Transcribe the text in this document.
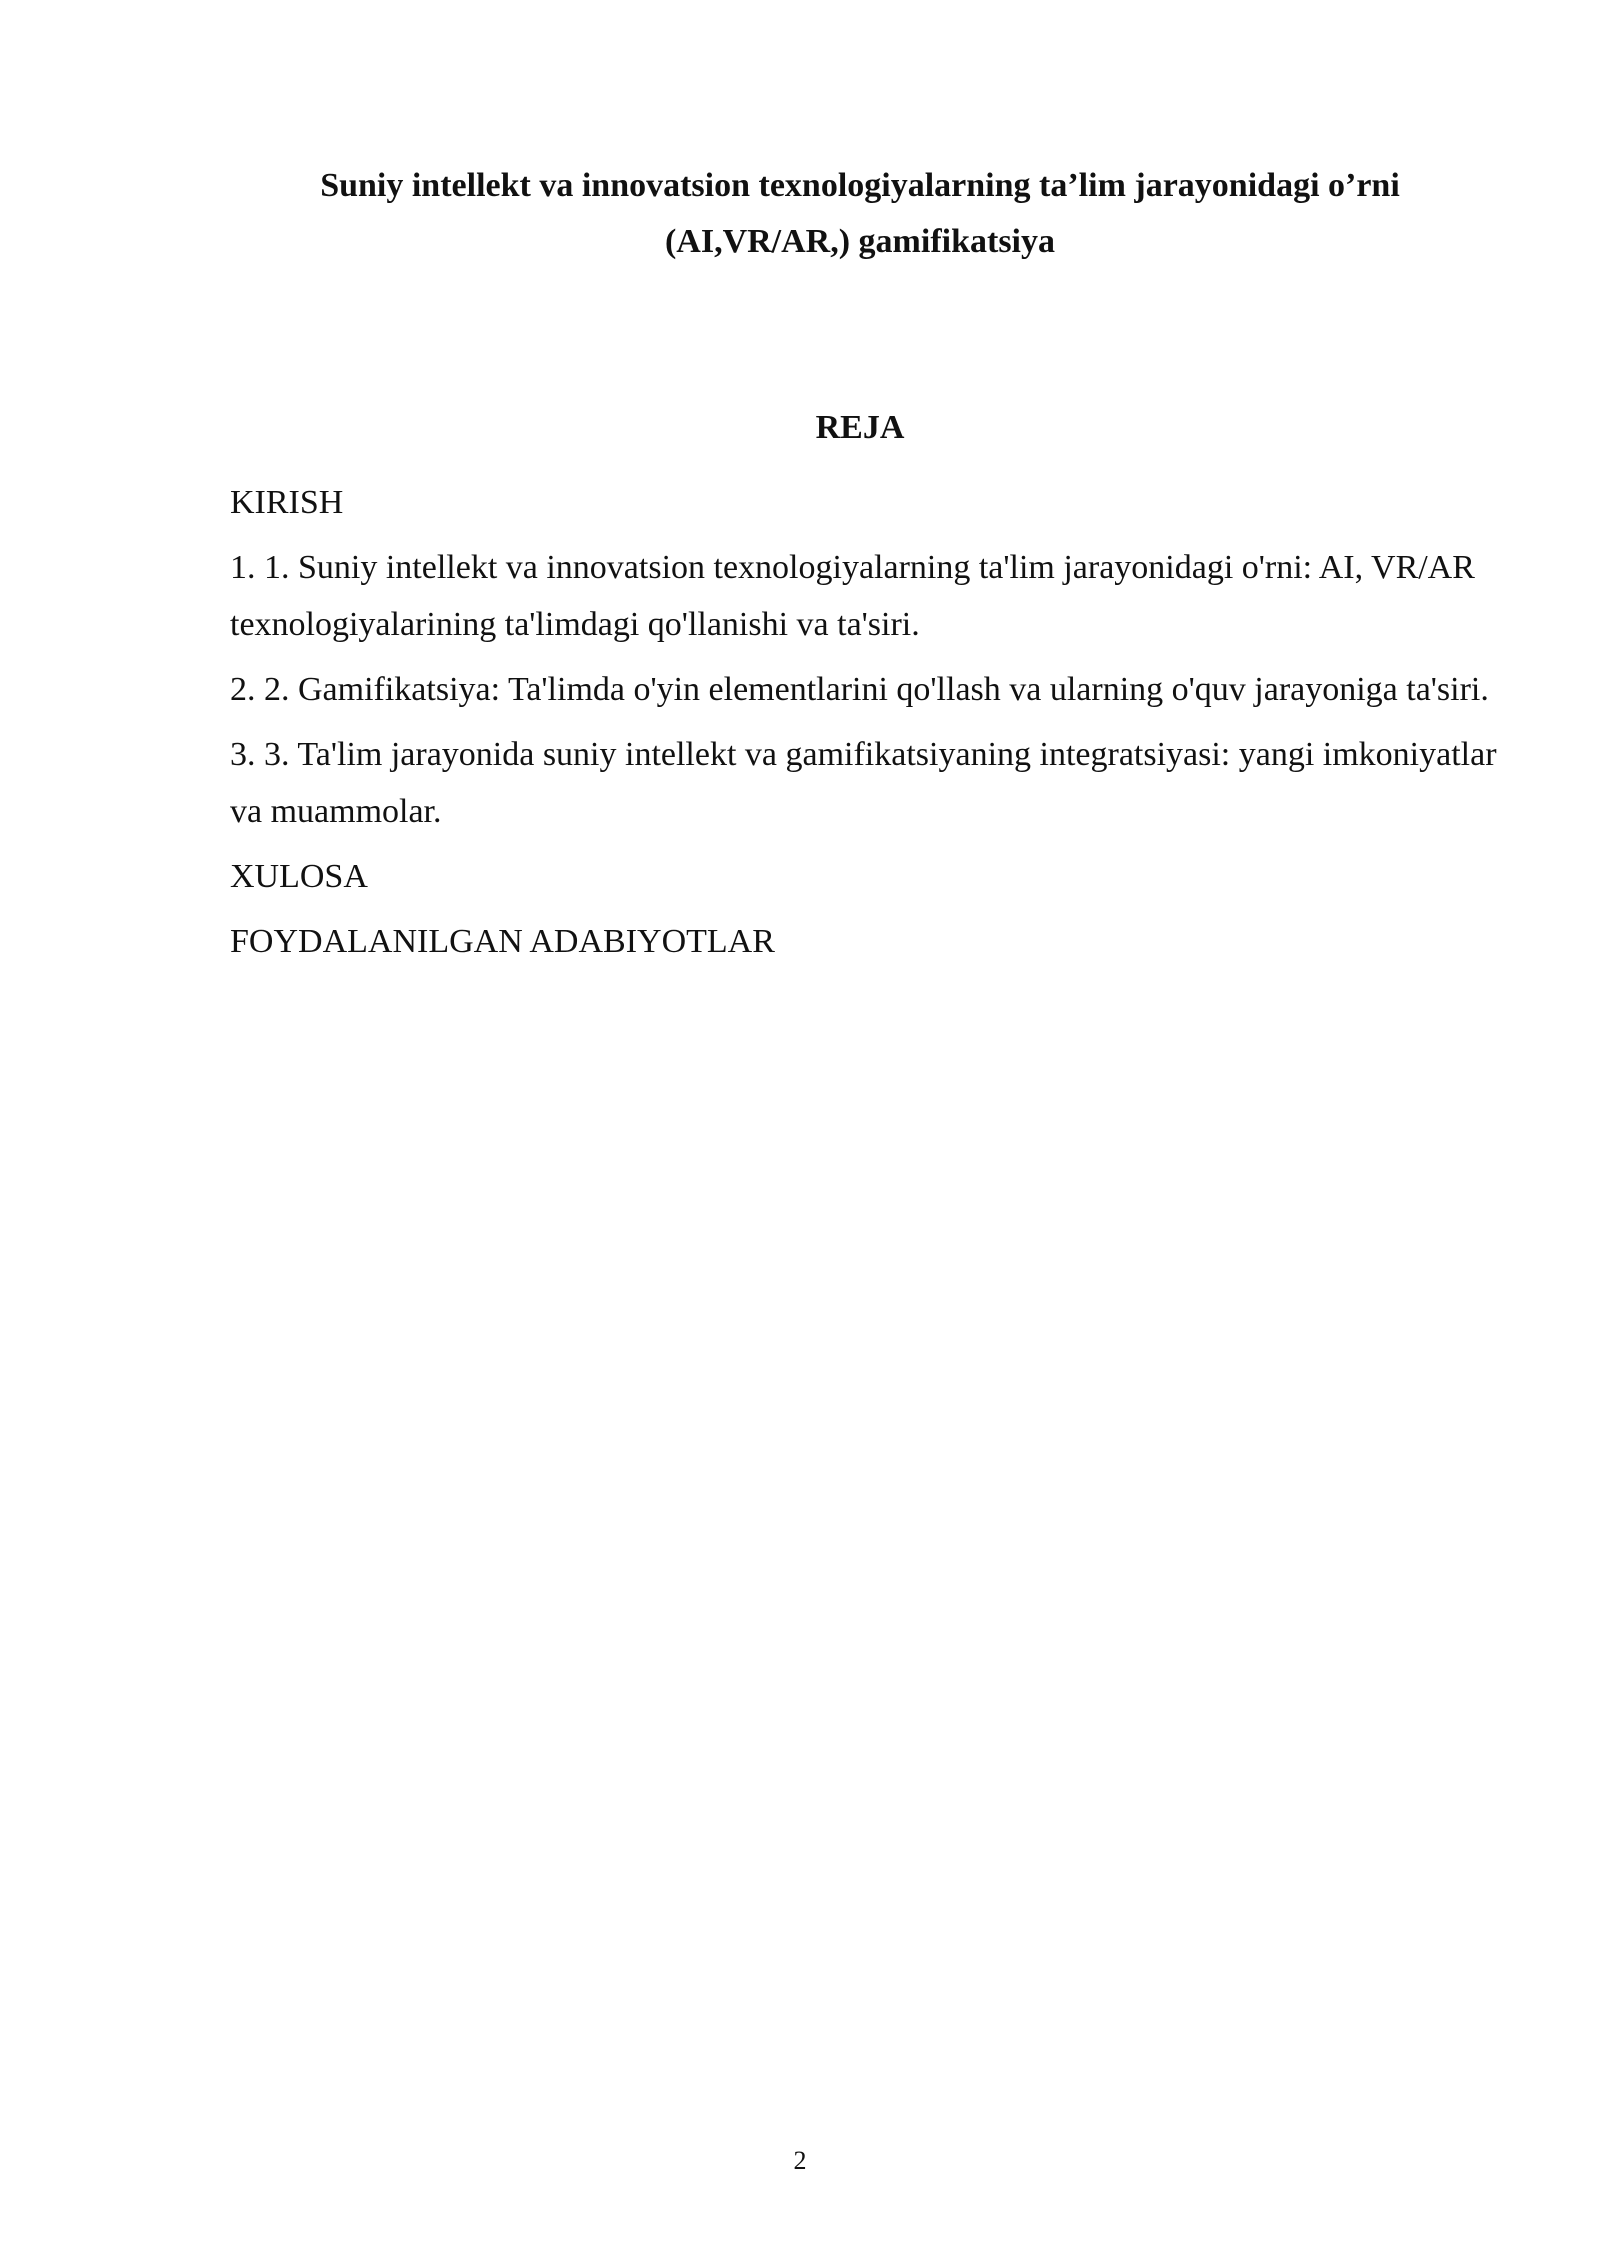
Suniy intellekt va innovatsion texnologiyalarning ta’lim jarayonidagi o’rni
(AI,VR/AR,) gamifikatsiya
REJA
KIRISH
1. 1. Suniy intellekt va innovatsion texnologiyalarning ta'lim jarayonidagi o'rni: AI, VR/AR texnologiyalarining ta'limdagi qo'llanishi va ta'siri.
2. 2. Gamifikatsiya: Ta'limda o'yin elementlarini qo'llash va ularning o'quv jarayoniga ta'siri.
3. 3. Ta'lim jarayonida suniy intellekt va gamifikatsiyaning integratsiyasi: yangi imkoniyatlar va muammolar.
XULOSA
FOYDALANILGAN ADABIYOTLAR
2
